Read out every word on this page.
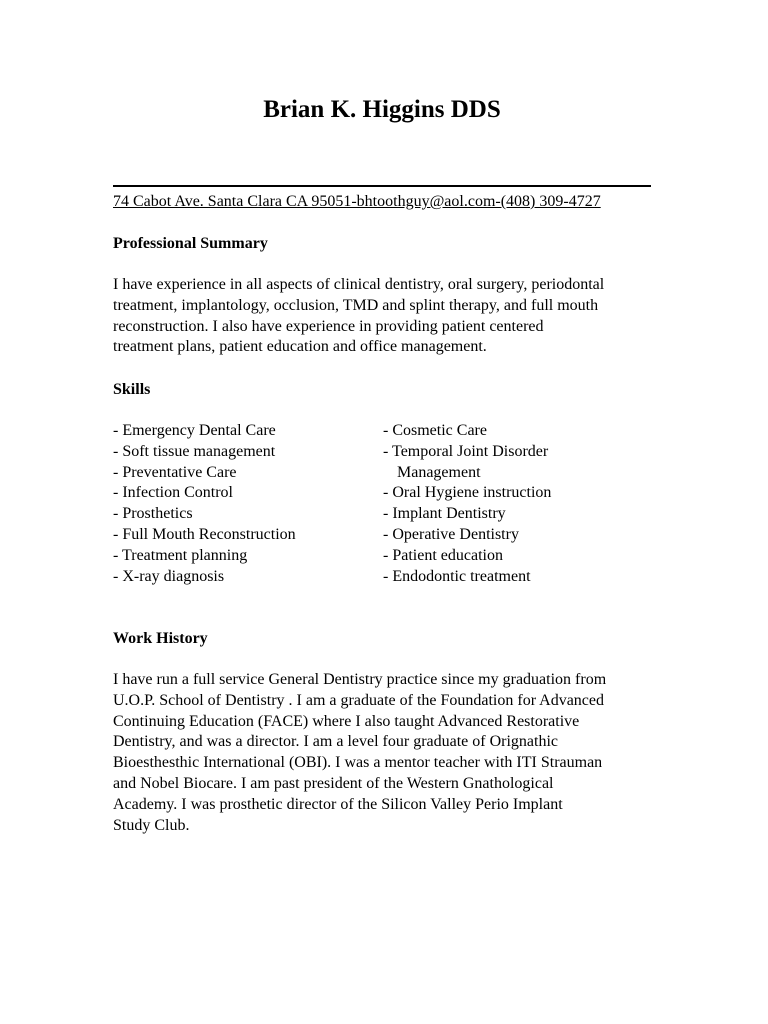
Brian K. Higgins DDS
74 Cabot Ave. Santa Clara CA 95051-bhtoothguy@aol.com-(408) 309-4727
Professional Summary
I have experience in all aspects of clinical dentistry, oral surgery, periodontal
treatment, implantology, occlusion, TMD and splint therapy, and full mouth
reconstruction. I also have experience in providing patient centered
treatment plans, patient education and office management.
Skills
- Emergency Dental Care
- Soft tissue management
- Preventative Care
- Infection Control
- Prosthetics
- Full Mouth Reconstruction
- Treatment planning
- X-ray diagnosis
- Cosmetic Care
- Temporal Joint Disorder
Management
- Oral Hygiene instruction
- Implant Dentistry
- Operative Dentistry
- Patient education
- Endodontic treatment
Work History
I have run a full service General Dentistry practice since my graduation from
U.O.P. School of Dentistry . I am a graduate of the Foundation for Advanced
Continuing Education (FACE) where I also taught Advanced Restorative
Dentistry, and was a director. I am a level four graduate of Orignathic
Bioesthesthic International (OBI). I was a mentor teacher with ITI Strauman
and Nobel Biocare. I am past president of the Western Gnathological
Academy. I was prosthetic director of the Silicon Valley Perio Implant
Study Club.
